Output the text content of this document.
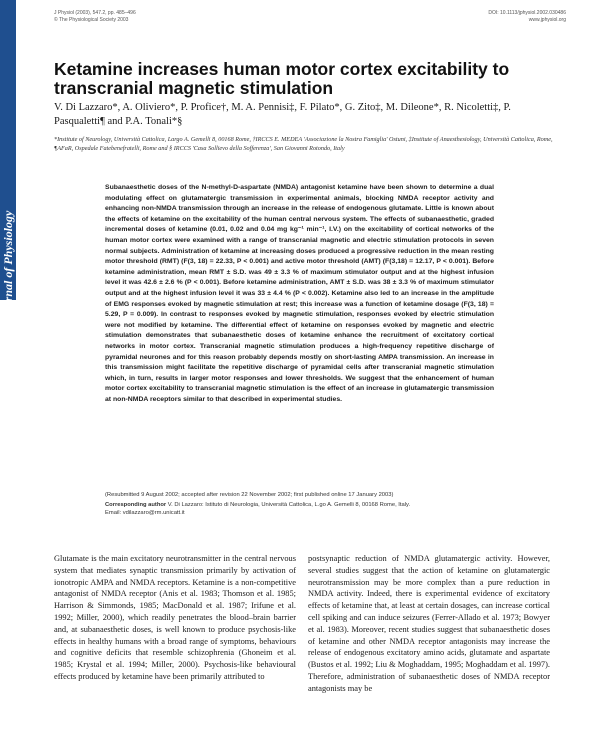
Journal of Physiology
J Physiol (2003), 547.2, pp. 485–496
© The Physiological Society 2003
DOI: 10.1113/jphysiol.2002.030486
www.jphysiol.org
Ketamine increases human motor cortex excitability to transcranial magnetic stimulation
V. Di Lazzaro*, A. Oliviero*, P. Profice†, M. A. Pennisi‡, F. Pilato*, G. Zito‡, M. Dileone*, R. Nicoletti‡, P. Pasqualetti¶ and P.A. Tonali*§
*Institute of Neurology, Università Cattolica, Largo A. Gemelli 8, 00168 Rome, †IRCCS E. MEDEA 'Associazione la Nostra Famiglia' Ostuni, ‡Institute of Anaesthesiology, Università Cattolica, Rome, ¶AFaR, Ospedale Fatebenefratelli, Rome and § IRCCS 'Casa Sollievo della Sofferenza', San Giovanni Rotondo, Italy
Subanaesthetic doses of the N-methyl-D-aspartate (NMDA) antagonist ketamine have been shown to determine a dual modulating effect on glutamatergic transmission in experimental animals, blocking NMDA receptor activity and enhancing non-NMDA transmission through an increase in the release of endogenous glutamate. Little is known about the effects of ketamine on the excitability of the human central nervous system. The effects of subanaesthetic, graded incremental doses of ketamine (0.01, 0.02 and 0.04 mg kg⁻¹ min⁻¹, I.V.) on the excitability of cortical networks of the human motor cortex were examined with a range of transcranial magnetic and electric stimulation protocols in seven normal subjects. Administration of ketamine at increasing doses produced a progressive reduction in the mean resting motor threshold (RMT) (F(3, 18) = 22.33, P < 0.001) and active motor threshold (AMT) (F(3,18) = 12.17, P < 0.001). Before ketamine administration, mean RMT ± S.D. was 49 ± 3.3 % of maximum stimulator output and at the highest infusion level it was 42.6 ± 2.6 % (P < 0.001). Before ketamine administration, AMT ± S.D. was 38 ± 3.3 % of maximum stimulator output and at the highest infusion level it was 33 ± 4.4 % (P < 0.002). Ketamine also led to an increase in the amplitude of EMG responses evoked by magnetic stimulation at rest; this increase was a function of ketamine dosage (F(3, 18) = 5.29, P = 0.009). In contrast to responses evoked by magnetic stimulation, responses evoked by electric stimulation were not modified by ketamine. The differential effect of ketamine on responses evoked by magnetic and electric stimulation demonstrates that subanaesthetic doses of ketamine enhance the recruitment of excitatory cortical networks in motor cortex. Transcranial magnetic stimulation produces a high-frequency repetitive discharge of pyramidal neurones and for this reason probably depends mostly on short-lasting AMPA transmission. An increase in this transmission might facilitate the repetitive discharge of pyramidal cells after transcranial magnetic stimulation which, in turn, results in larger motor responses and lower thresholds. We suggest that the enhancement of human motor cortex excitability to transcranial magnetic stimulation is the effect of an increase in glutamatergic transmission at non-NMDA receptors similar to that described in experimental studies.
(Resubmitted 9 August 2002; accepted after revision 22 November 2002; first published online 17 January 2003)
Corresponding author V. Di Lazzaro: Istituto di Neurologia, Università Cattolica, L.go A. Gemelli 8, 00168 Rome, Italy.
Email: vdilazzaro@rm.unicatt.it
Glutamate is the main excitatory neurotransmitter in the central nervous system that mediates synaptic transmission primarily by activation of ionotropic AMPA and NMDA receptors. Ketamine is a non-competitive antagonist of NMDA receptor (Anis et al. 1983; Thomson et al. 1985; Harrison & Simmonds, 1985; MacDonald et al. 1987; Irifune et al. 1992; Miller, 2000), which readily penetrates the blood–brain barrier and, at subanaesthetic doses, is well known to produce psychosis-like effects in healthy humans with a broad range of symptoms, behaviours and cognitive deficits that resemble schizophrenia (Ghoneim et al. 1985; Krystal et al. 1994; Miller, 2000). Psychosis-like behavioural effects produced by ketamine have been primarily attributed to
postsynaptic reduction of NMDA glutamatergic activity. However, several studies suggest that the action of ketamine on glutamatergic neurotransmission may be more complex than a pure reduction in NMDA activity. Indeed, there is experimental evidence of excitatory effects of ketamine that, at least at certain dosages, can increase cortical cell spiking and can induce seizures (Ferrer-Allado et al. 1973; Bowyer et al. 1983). Moreover, recent studies suggest that subanaesthetic doses of ketamine and other NMDA receptor antagonists may increase the release of endogenous excitatory amino acids, glutamate and aspartate (Bustos et al. 1992; Liu & Moghaddam, 1995; Moghaddam et al. 1997). Therefore, administration of subanaesthetic doses of NMDA receptor antagonists may be
